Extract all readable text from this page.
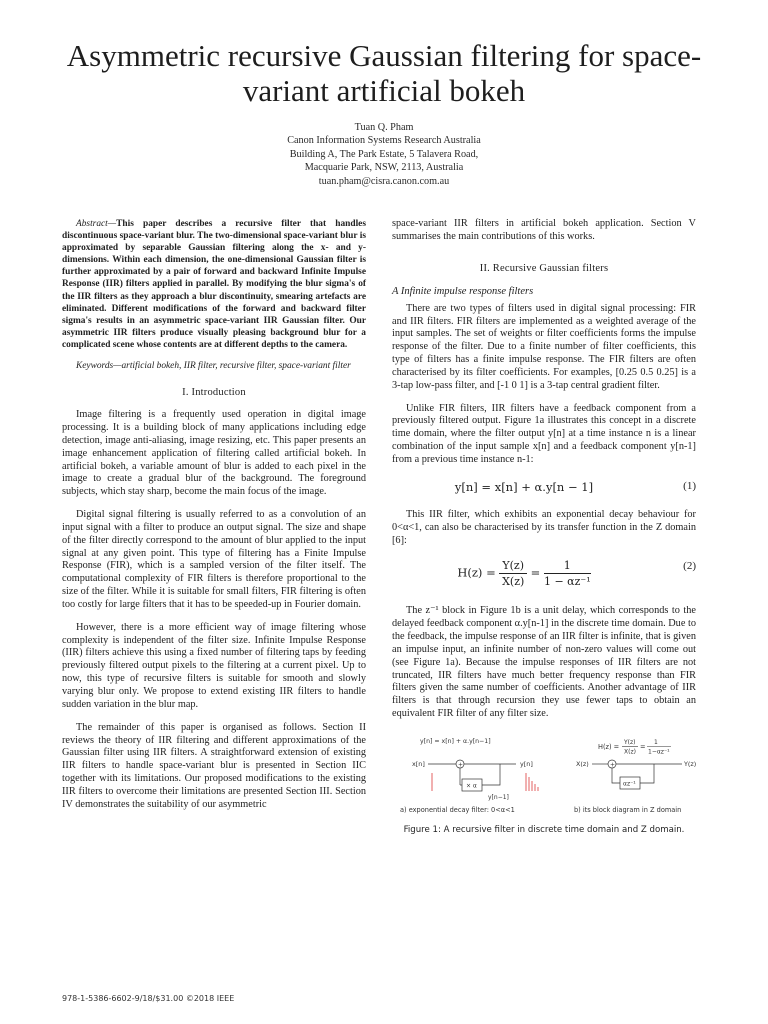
Asymmetric recursive Gaussian filtering for space-variant artificial bokeh
Tuan Q. Pham
Canon Information Systems Research Australia
Building A, The Park Estate, 5 Talavera Road,
Macquarie Park, NSW, 2113, Australia
tuan.pham@cisra.canon.com.au

Abstract—This paper describes a recursive filter that handles discontinuous space-variant blur. The two-dimensional space-variant blur is approximated by separable Gaussian filtering along the x- and y-dimensions. Within each dimension, the one-dimensional Gaussian filter is further approximated by a pair of forward and backward Infinite Impulse Response (IIR) filters applied in parallel. By modifying the blur sigma's of the IIR filters as they approach a blur discontinuity, smearing artefacts are eliminated. Different modifications of the forward and backward filter sigma's results in an asymmetric space-variant IIR Gaussian filter. Our asymmetric IIR filters produce visually pleasing background blur for a complicated scene whose contents are at different depths to the camera.

Keywords—artificial bokeh, IIR filter, recursive filter, space-variant filter

I. Introduction

Image filtering is a frequently used operation in digital image processing. It is a building block of many applications including edge detection, image anti-aliasing, image resizing, etc. This paper presents an image enhancement application of filtering called artificial bokeh. In artificial bokeh, a variable amount of blur is added to each pixel in the image to create a gradual blur of the background. The foreground subjects, which stay sharp, become the main focus of the image.

Digital signal filtering is usually referred to as a convolution of an input signal with a filter to produce an output signal. The size and shape of the filter directly correspond to the amount of blur applied to the input signal at any given point. This type of filtering has a Finite Impulse Response (FIR), which is a sampled version of the filter itself. The computational complexity of FIR filters is therefore proportional to the size of the filter. While it is suitable for small filters, FIR filtering is often too costly for large filters that it has to be speeded-up in Fourier domain.

However, there is a more efficient way of image filtering whose complexity is independent of the filter size. Infinite Impulse Response (IIR) filters achieve this using a fixed number of filtering taps by feeding previously filtered output pixels to the filtering at a current pixel. Up to now, this type of recursive filters is suitable for smooth and slowly varying blur only. We propose to extend existing IIR filters to handle sudden variation in the blur map.

The remainder of this paper is organised as follows. Section II reviews the theory of IIR filtering and different approximations of the Gaussian filter using IIR filters. A straightforward extension of existing IIR filters to handle space-variant blur is presented in Section IIC together with its limitations. Our proposed modifications to the existing IIR filters to overcome their limitations are presented Section III. Section IV demonstrates the suitability of our asymmetric

space-variant IIR filters in artificial bokeh application. Section V summarises the main contributions of this works.

II. Recursive Gaussian filters
A Infinite impulse response filters

There are two types of filters used in digital signal processing: FIR and IIR filters. FIR filters are implemented as a weighted average of the input samples. The set of weights or filter coefficients forms the impulse response of the filter. Due to a finite number of filter coefficients, this type of filters has a finite impulse response. The FIR filters are often characterised by its filter coefficients. For examples, [0.25 0.5 0.25] is a 3-tap low-pass filter, and [-1 0 1] is a 3-tap central gradient filter.

Unlike FIR filters, IIR filters have a feedback component from a previously filtered output. Figure 1a illustrates this concept in a discrete time domain, where the filter output y[n] at a time instance n is a linear combination of the input sample x[n] and a feedback component y[n-1] from a previous time instance n-1:

y[n] = x[n] + α.y[n − 1]	(1)

This IIR filter, which exhibits an exponential decay behaviour for 0<α<1, can also be characterised by its transfer function in the Z domain [6]:

$H(z) = \frac{Y(z)}{X(z)} = \frac{1}{\text{1 − αz⁻¹}}$	(2)

The z⁻¹ block in Figure 1b is a unit delay, which corresponds to the delayed feedback component α.y[n-1] in the discrete time domain. Due to the feedback, the impulse response of an IIR filter is infinite, that is given an impulse input, an infinite number of non-zero values will come out (see Figure 1a). Because the impulse responses of IIR filters are not truncated, IIR filters have much better frequency response than FIR filters given the same number of coefficients. Another advantage of IIR filters is that through recursion they use fewer taps to obtain an equivalent FIR filter of any filter size.

y[n] = x[n] + α.y[n−1]
x[n]	+	y[n]
× α
y[n−1]
a) exponential decay filter: 0<α<1
H(z) =
Y(z)
X(z)
=
1
1−αz⁻¹
X(z)	+	Y(z)
αz⁻¹
b) its block diagram in Z domain
Figure 1: A recursive filter in discrete time domain and Z domain.
978-1-5386-6602-9/18/$31.00 ©2018 IEEE
